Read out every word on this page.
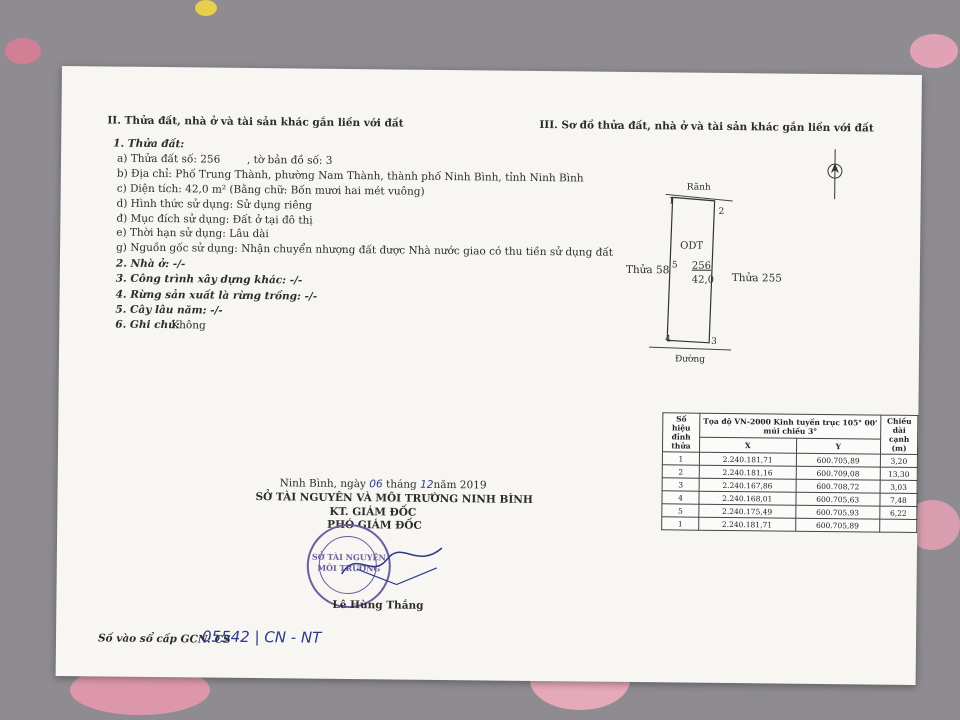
II. Thửa đất, nhà ở và tài sản khác gắn liền với đất
1. Thửa đất:
a) Thửa đất số: 256	, tờ bản đồ số: 3
b) Địa chỉ: Phố Trung Thành, phường Nam Thành, thành phố Ninh Bình, tỉnh Ninh Bình
c) Diện tích: 42,0 m² (Bằng chữ: Bốn mươi hai mét vuông)
d) Hình thức sử dụng: Sử dụng riêng
đ) Mục đích sử dụng: Đất ở tại đô thị
e) Thời hạn sử dụng: Lâu dài
g) Nguồn gốc sử dụng: Nhận chuyển nhượng đất được Nhà nước giao có thu tiền sử dụng đất
2. Nhà ở: -/-
3. Công trình xây dựng khác: -/-
4. Rừng sản xuất là rừng trồng: -/-
5. Cây lâu năm: -/-
6. Ghi chú:
Không
III. Sơ đồ thửa đất, nhà ở và tài sản khác gắn liền với đất
Rãnh
1
2
ODT
5 256
42,0
Thửa 58
Thửa 255
4	3
Đường
Số hiệu đỉnh thửa	Tọa độ VN-2000 Kinh tuyến trục 105° 00' múi chiếu 3°		Chiều dài cạnh (m)
	X	Y	
1	2.240.181,71	600.705,89	3,20
2	2.240.181,16	600.709,08	13,30
3	2.240.167,86	600.708,72	3,03
4	2.240.168,01	600.705,63	7,48
5	2.240.175,49	600.705,93	6,22
1	2.240.181,71	600.705,89	
Ninh Bình, ngày 06 tháng 12năm 2019
SỞ TÀI NGUYÊN VÀ MÔI TRƯỜNG NINH BÌNH
KT. GIÁM ĐỐC
PHÓ GIÁM ĐỐC
SỞ TÀI NGUYÊN MÔI TRƯỜNG
Lê Hùng Thắng
Số vào sổ cấp GCN: CS
05542 | CN - NT
